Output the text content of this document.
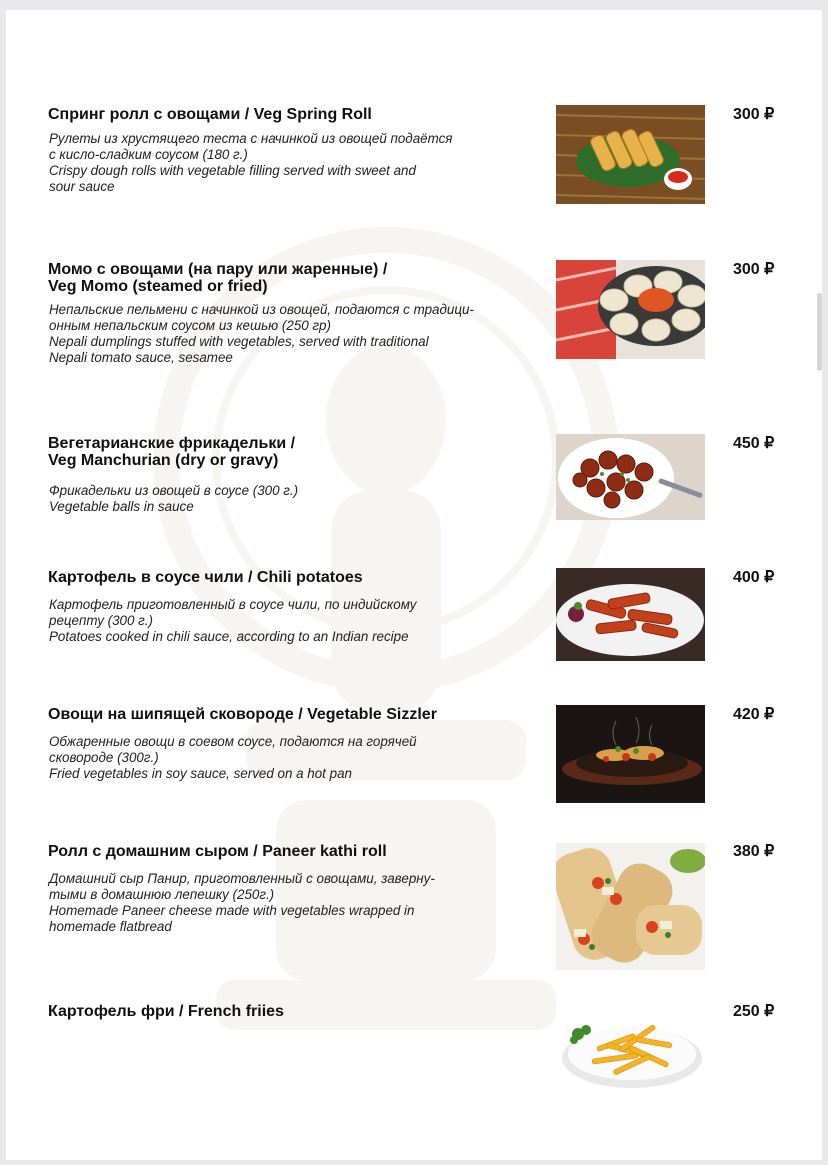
Спринг ролл с овощами / Veg Spring Roll
Рулеты из хрустящего теста с начинкой из овощей подаётся
с кисло-сладким соусом (180 г.)
Crispy dough rolls with vegetable filling served with sweet and
sour sauce
300 ₽
Момо с овощами (на пару или жаренные) /
Veg Momo (steamed or fried)
Непальские пельмени с начинкой из овощей, подаются с традици-
онным непальским соусом из кешью (250 гр)
Nepali dumplings stuffed with vegetables, served with traditional
Nepali tomato sauce, sesamee
300 ₽
Вегетарианские фрикадельки /
Veg Manchurian (dry or gravy)
Фрикадельки из овощей в соусе (300 г.)
Vegetable balls in sauce
450 ₽
Картофель в соусе чили / Chili potatoes
Картофель приготовленный в соусе чили, по индийскому
рецепту (300 г.)
Potatoes cooked in chili sauce, according to an Indian recipe
400 ₽
Овощи на шипящей сковороде / Vegetable Sizzler
Обжаренные овощи в соевом соусе, подаются на горячей
сковороде (300г.)
Fried vegetables in soy sauce, served on a hot pan
420 ₽
Ролл с домашним сыром / Paneer kathi roll
Домашний сыр Панир, приготовленный с овощами, заверну-
тыми в домашнюю лепешку (250г.)
Homemade Paneer cheese made with vegetables wrapped in
homemade flatbread
380 ₽
Картофель фри / French friies	250 ₽
